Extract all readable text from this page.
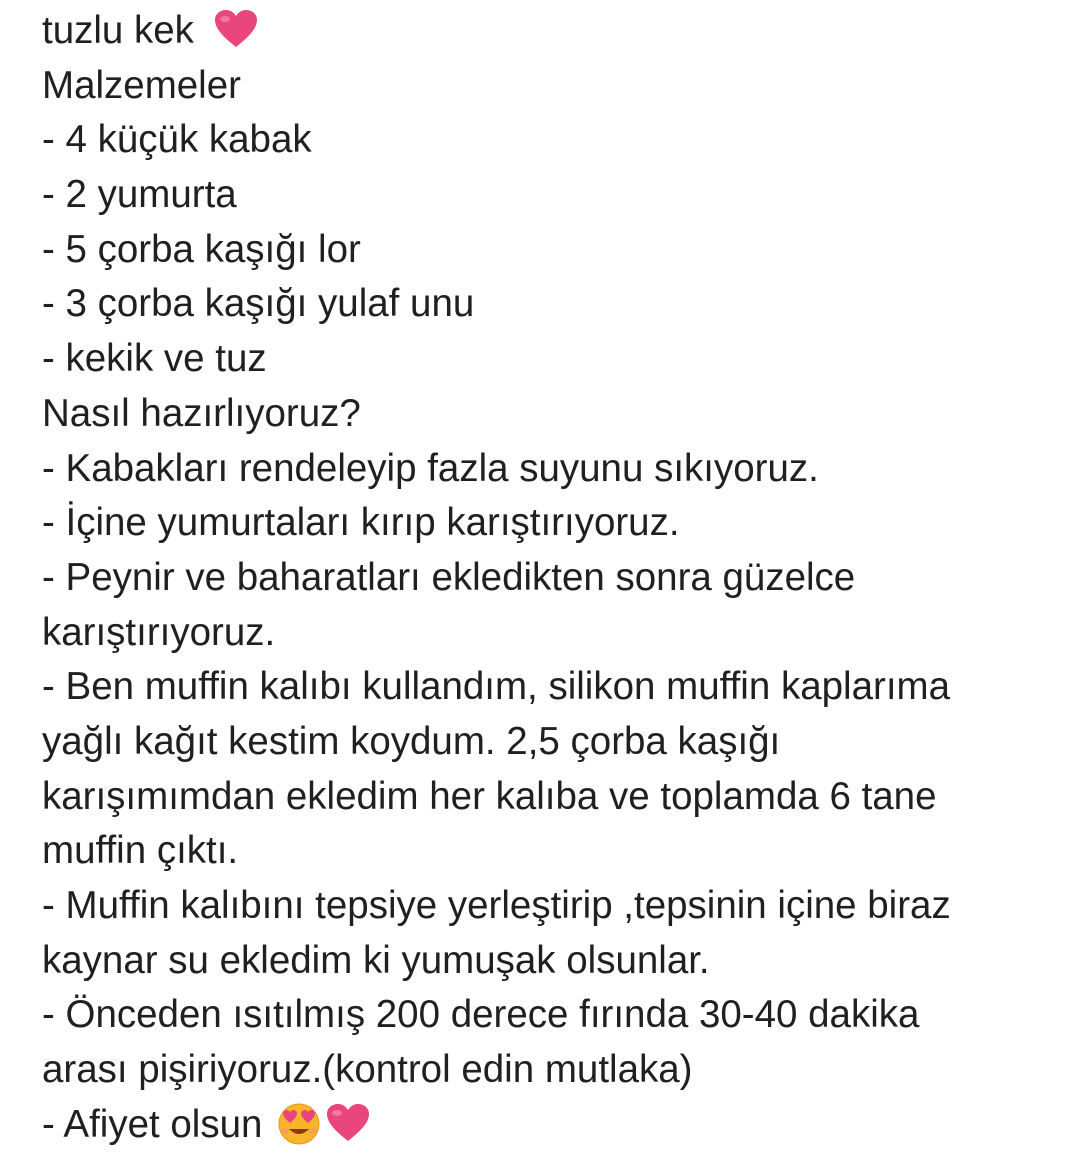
tuzlu kek
Malzemeler
- 4 küçük kabak
- 2 yumurta
- 5 çorba kaşığı lor
- 3 çorba kaşığı yulaf unu
- kekik ve tuz
Nasıl hazırlıyoruz?
- Kabakları rendeleyip fazla suyunu sıkıyoruz.
- İçine yumurtaları kırıp karıştırıyoruz.
- Peynir ve baharatları ekledikten sonra güzelce
karıştırıyoruz.
- Ben muffin kalıbı kullandım, silikon muffin kaplarıma
yağlı kağıt kestim koydum. 2,5 çorba kaşığı
karışımımdan ekledim her kalıba ve toplamda 6 tane
muffin çıktı.
- Muffin kalıbını tepsiye yerleştirip ,tepsinin içine biraz
kaynar su ekledim ki yumuşak olsunlar.
- Önceden ısıtılmış 200 derece fırında 30-40 dakika
arası pişiriyoruz.(kontrol edin mutlaka)
- Afiyet olsun
